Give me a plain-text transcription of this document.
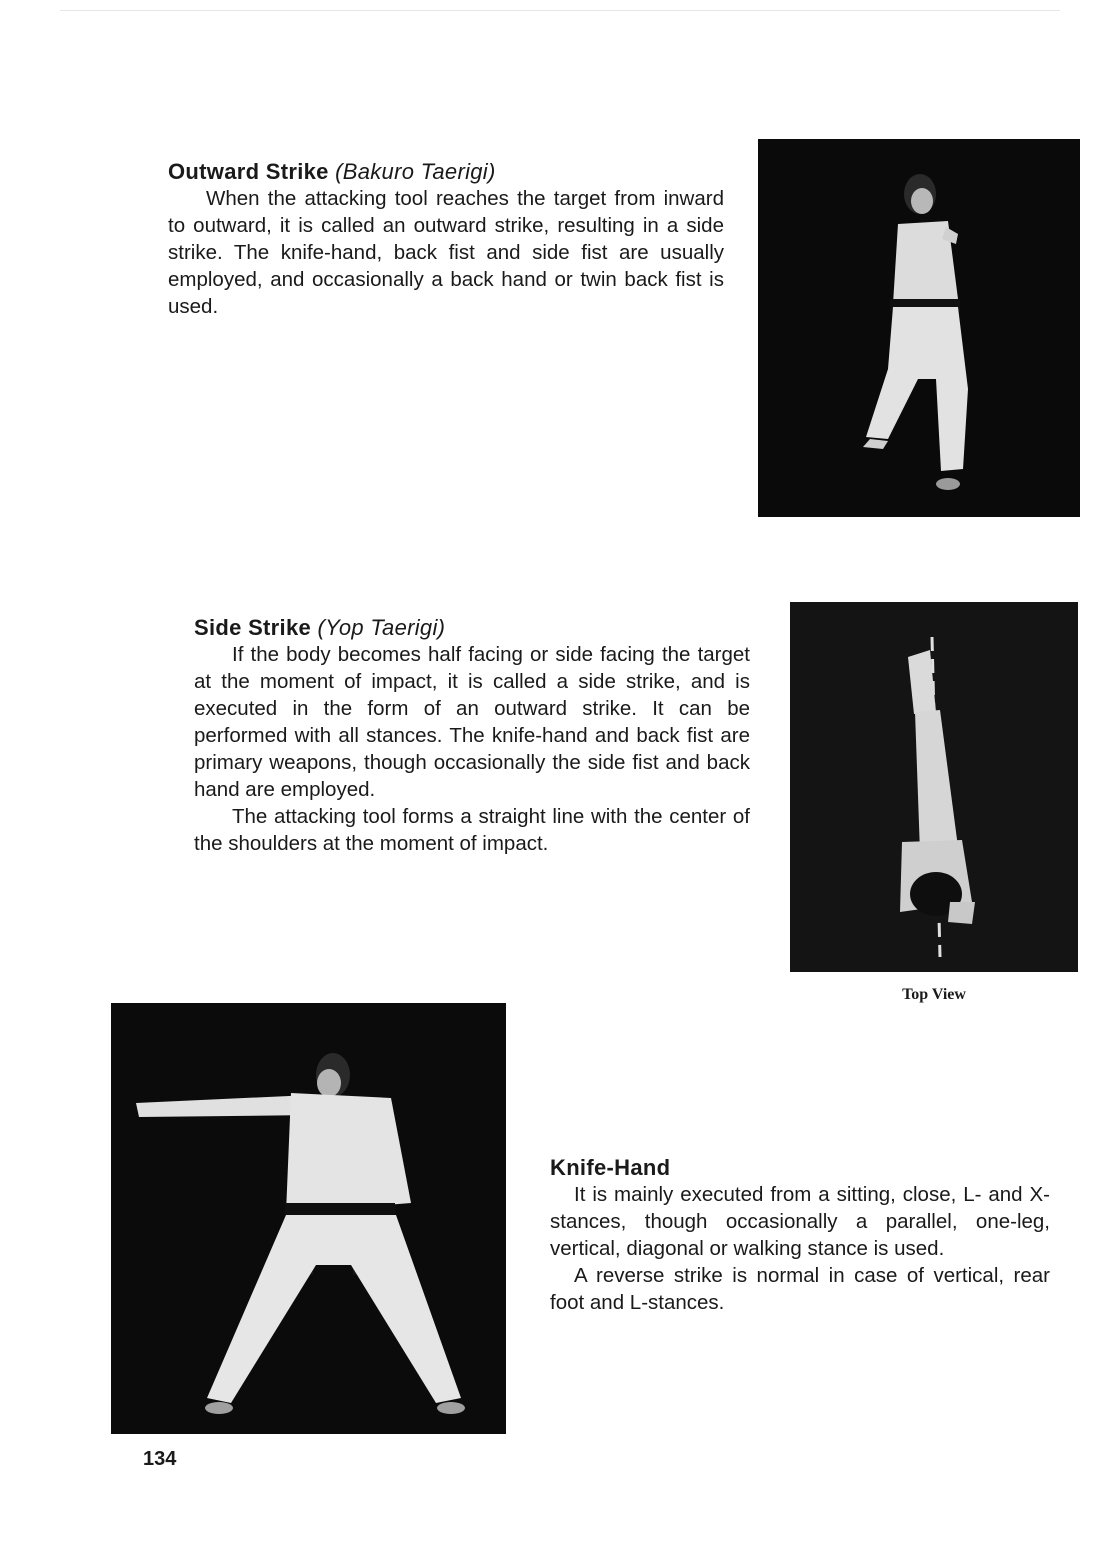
Outward Strike (Bakuro Taerigi)

When the attacking tool reaches the target from inward to outward, it is called an outward strike, resulting in a side strike. The knife-hand, back fist and side fist are usually employed, and occasionally a back hand or twin back fist is used.

Side Strike (Yop Taerigi)

If the body becomes half facing or side facing the target at the moment of impact, it is called a side strike, and is executed in the form of an outward strike. It can be performed with all stances. The knife-hand and back fist are primary weapons, though occasionally the side fist and back hand are employed.

The attacking tool forms a straight line with the center of the shoulders at the moment of impact.

Top View

Knife-Hand

It is mainly executed from a sitting, close, L- and X-stances, though occasionally a parallel, one-leg, vertical, diagonal or walking stance is used.

A reverse strike is normal in case of vertical, rear foot and L-stances.

134
